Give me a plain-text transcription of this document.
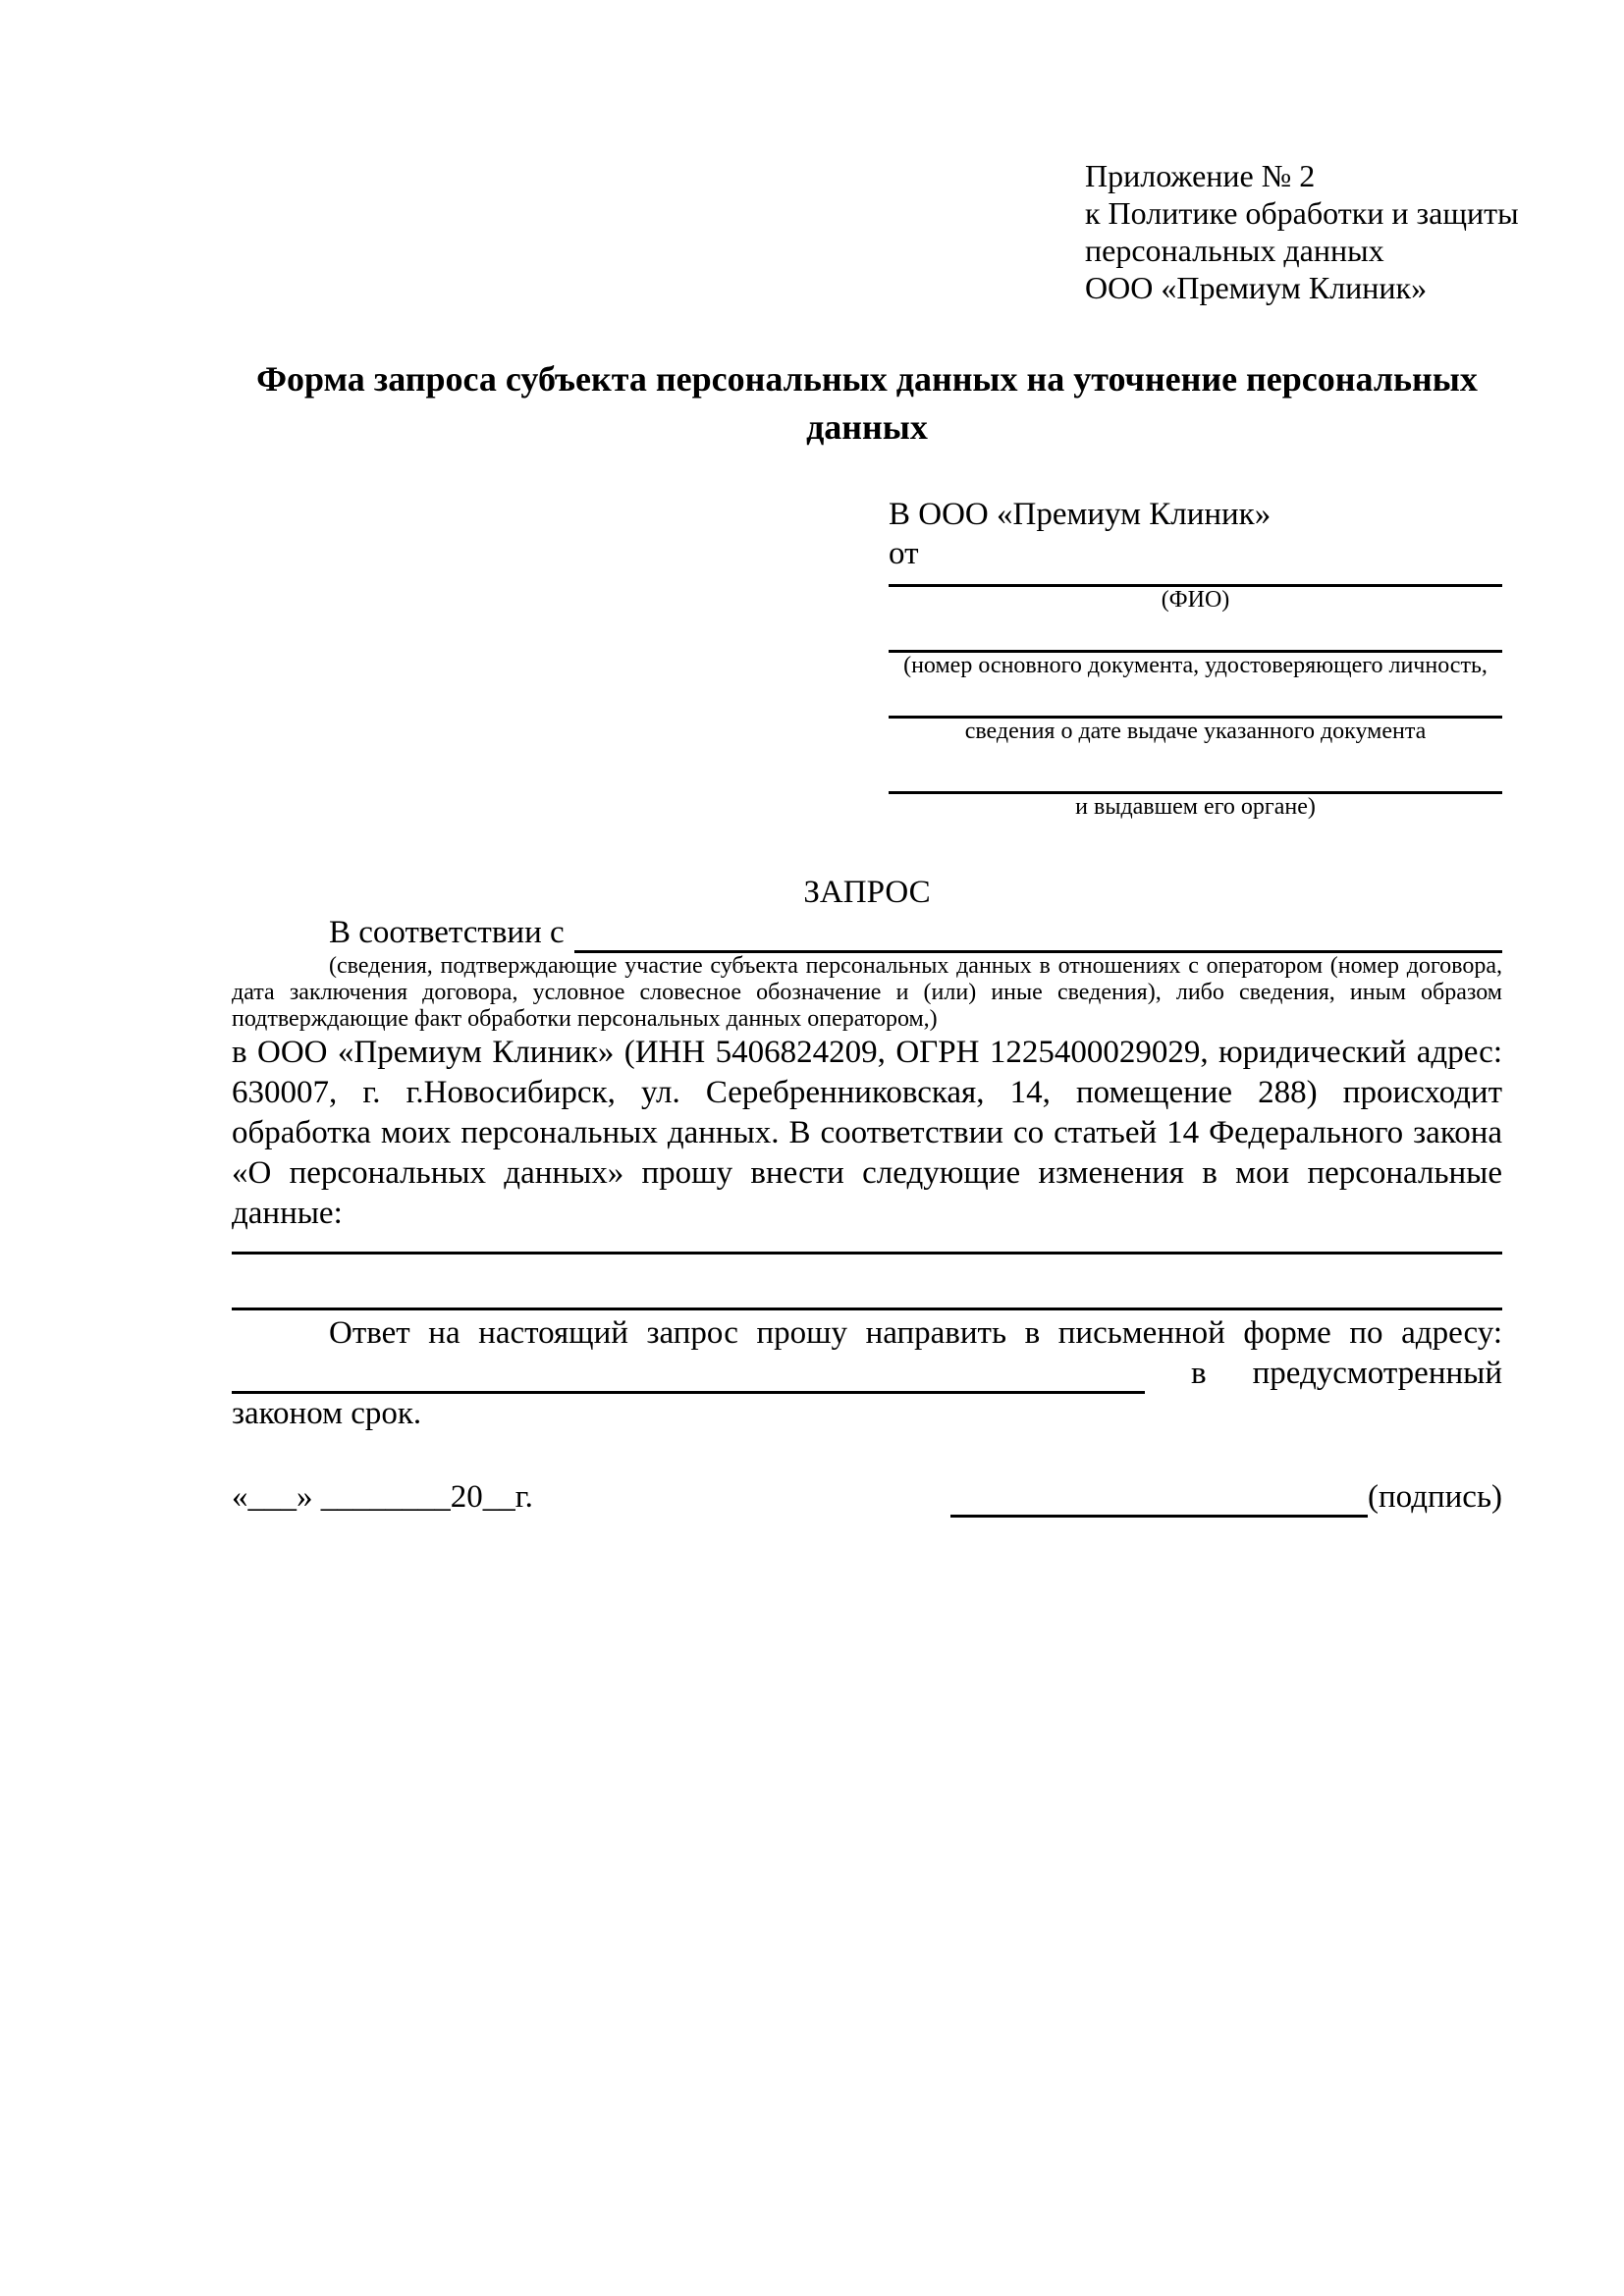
Приложение № 2
к Политике обработки и защиты
персональных данных
ООО «Премиум Клиник»
Форма запроса субъекта персональных данных на уточнение персональных данных
В ООО «Премиум Клиник»
от
(ФИО)
(номер основного документа, удостоверяющего личность,
сведения о дате выдаче указанного документа
и выдавшем его органе)
ЗАПРОС
В соответствии с
(сведения, подтверждающие участие субъекта персональных данных в отношениях с оператором (номер договора, дата заключения договора, условное словесное обозначение и (или) иные сведения), либо сведения, иным образом подтверждающие факт обработки персональных данных оператором,)

в ООО «Премиум Клиник» (ИНН 5406824209, ОГРН 1225400029029, юридический адрес: 630007, г. г.Новосибирск, ул. Серебренниковская, 14, помещение 288) происходит обработка моих персональных данных. В соответствии со статьей 14 Федерального закона «О персональных данных» прошу внести следующие изменения в мои персональные данные:

Ответ на настоящий запрос прошу направить в письменной форме по адресу:
в предусмотренный
законом срок.
«___» ________20__г.	(подпись)
